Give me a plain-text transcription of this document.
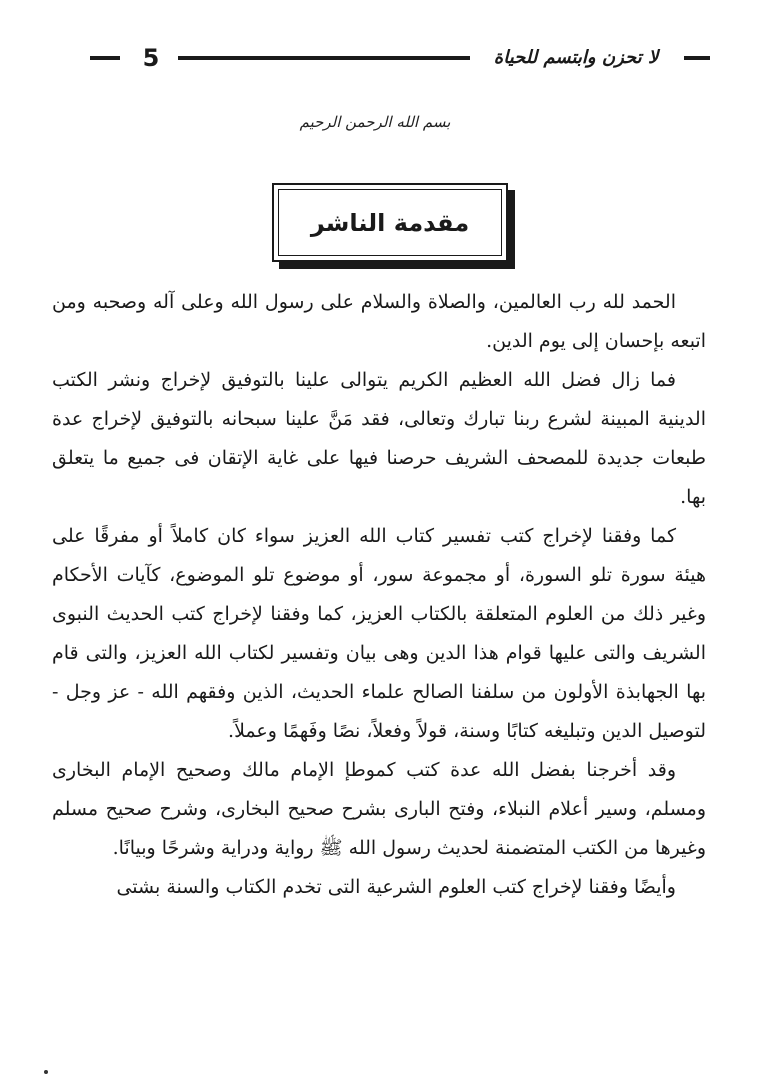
5	لا تحزن وابتسم للحياة
بسم الله الرحمن الرحيم
مقدمة الناشر

الحمد لله رب العالمين، والصلاة والسلام على رسول الله وعلى آله وصحبه ومن اتبعه بإحسان إلى يوم الدين.

فما زال فضل الله العظيم الكريم يتوالى علينا بالتوفيق لإخراج ونشر الكتب الدينية المبينة لشرع ربنا تبارك وتعالى، فقد مَنَّ علينا سبحانه بالتوفيق لإخراج عدة طبعات جديدة للمصحف الشريف حرصنا فيها على غاية الإتقان فى جميع ما يتعلق بها.

كما وفقنا لإخراج كتب تفسير كتاب الله العزيز سواء كان كاملاً أو مفرقًا على هيئة سورة تلو السورة، أو مجموعة سور، أو موضوع تلو الموضوع، كآيات الأحكام وغير ذلك من العلوم المتعلقة بالكتاب العزيز، كما وفقنا لإخراج كتب الحديث النبوى الشريف والتى عليها قوام هذا الدين وهى بيان وتفسير لكتاب الله العزيز، والتى قام بها الجهابذة الأولون من سلفنا الصالح علماء الحديث، الذين وفقهم الله - عز وجل - لتوصيل الدين وتبليغه كتابًا وسنة، قولاً وفعلاً، نصًا وفَهمًا وعملاً.

وقد أخرجنا بفضل الله عدة كتب كموطإ الإمام مالك وصحيح الإمام البخارى ومسلم، وسير أعلام النبلاء، وفتح البارى بشرح صحيح البخارى، وشرح صحيح مسلم وغيرها من الكتب المتضمنة لحديث رسول الله ﷺ رواية ودراية وشرحًا وبيانًا.

وأيضًا وفقنا لإخراج كتب العلوم الشرعية التى تخدم الكتاب والسنة بشتى
